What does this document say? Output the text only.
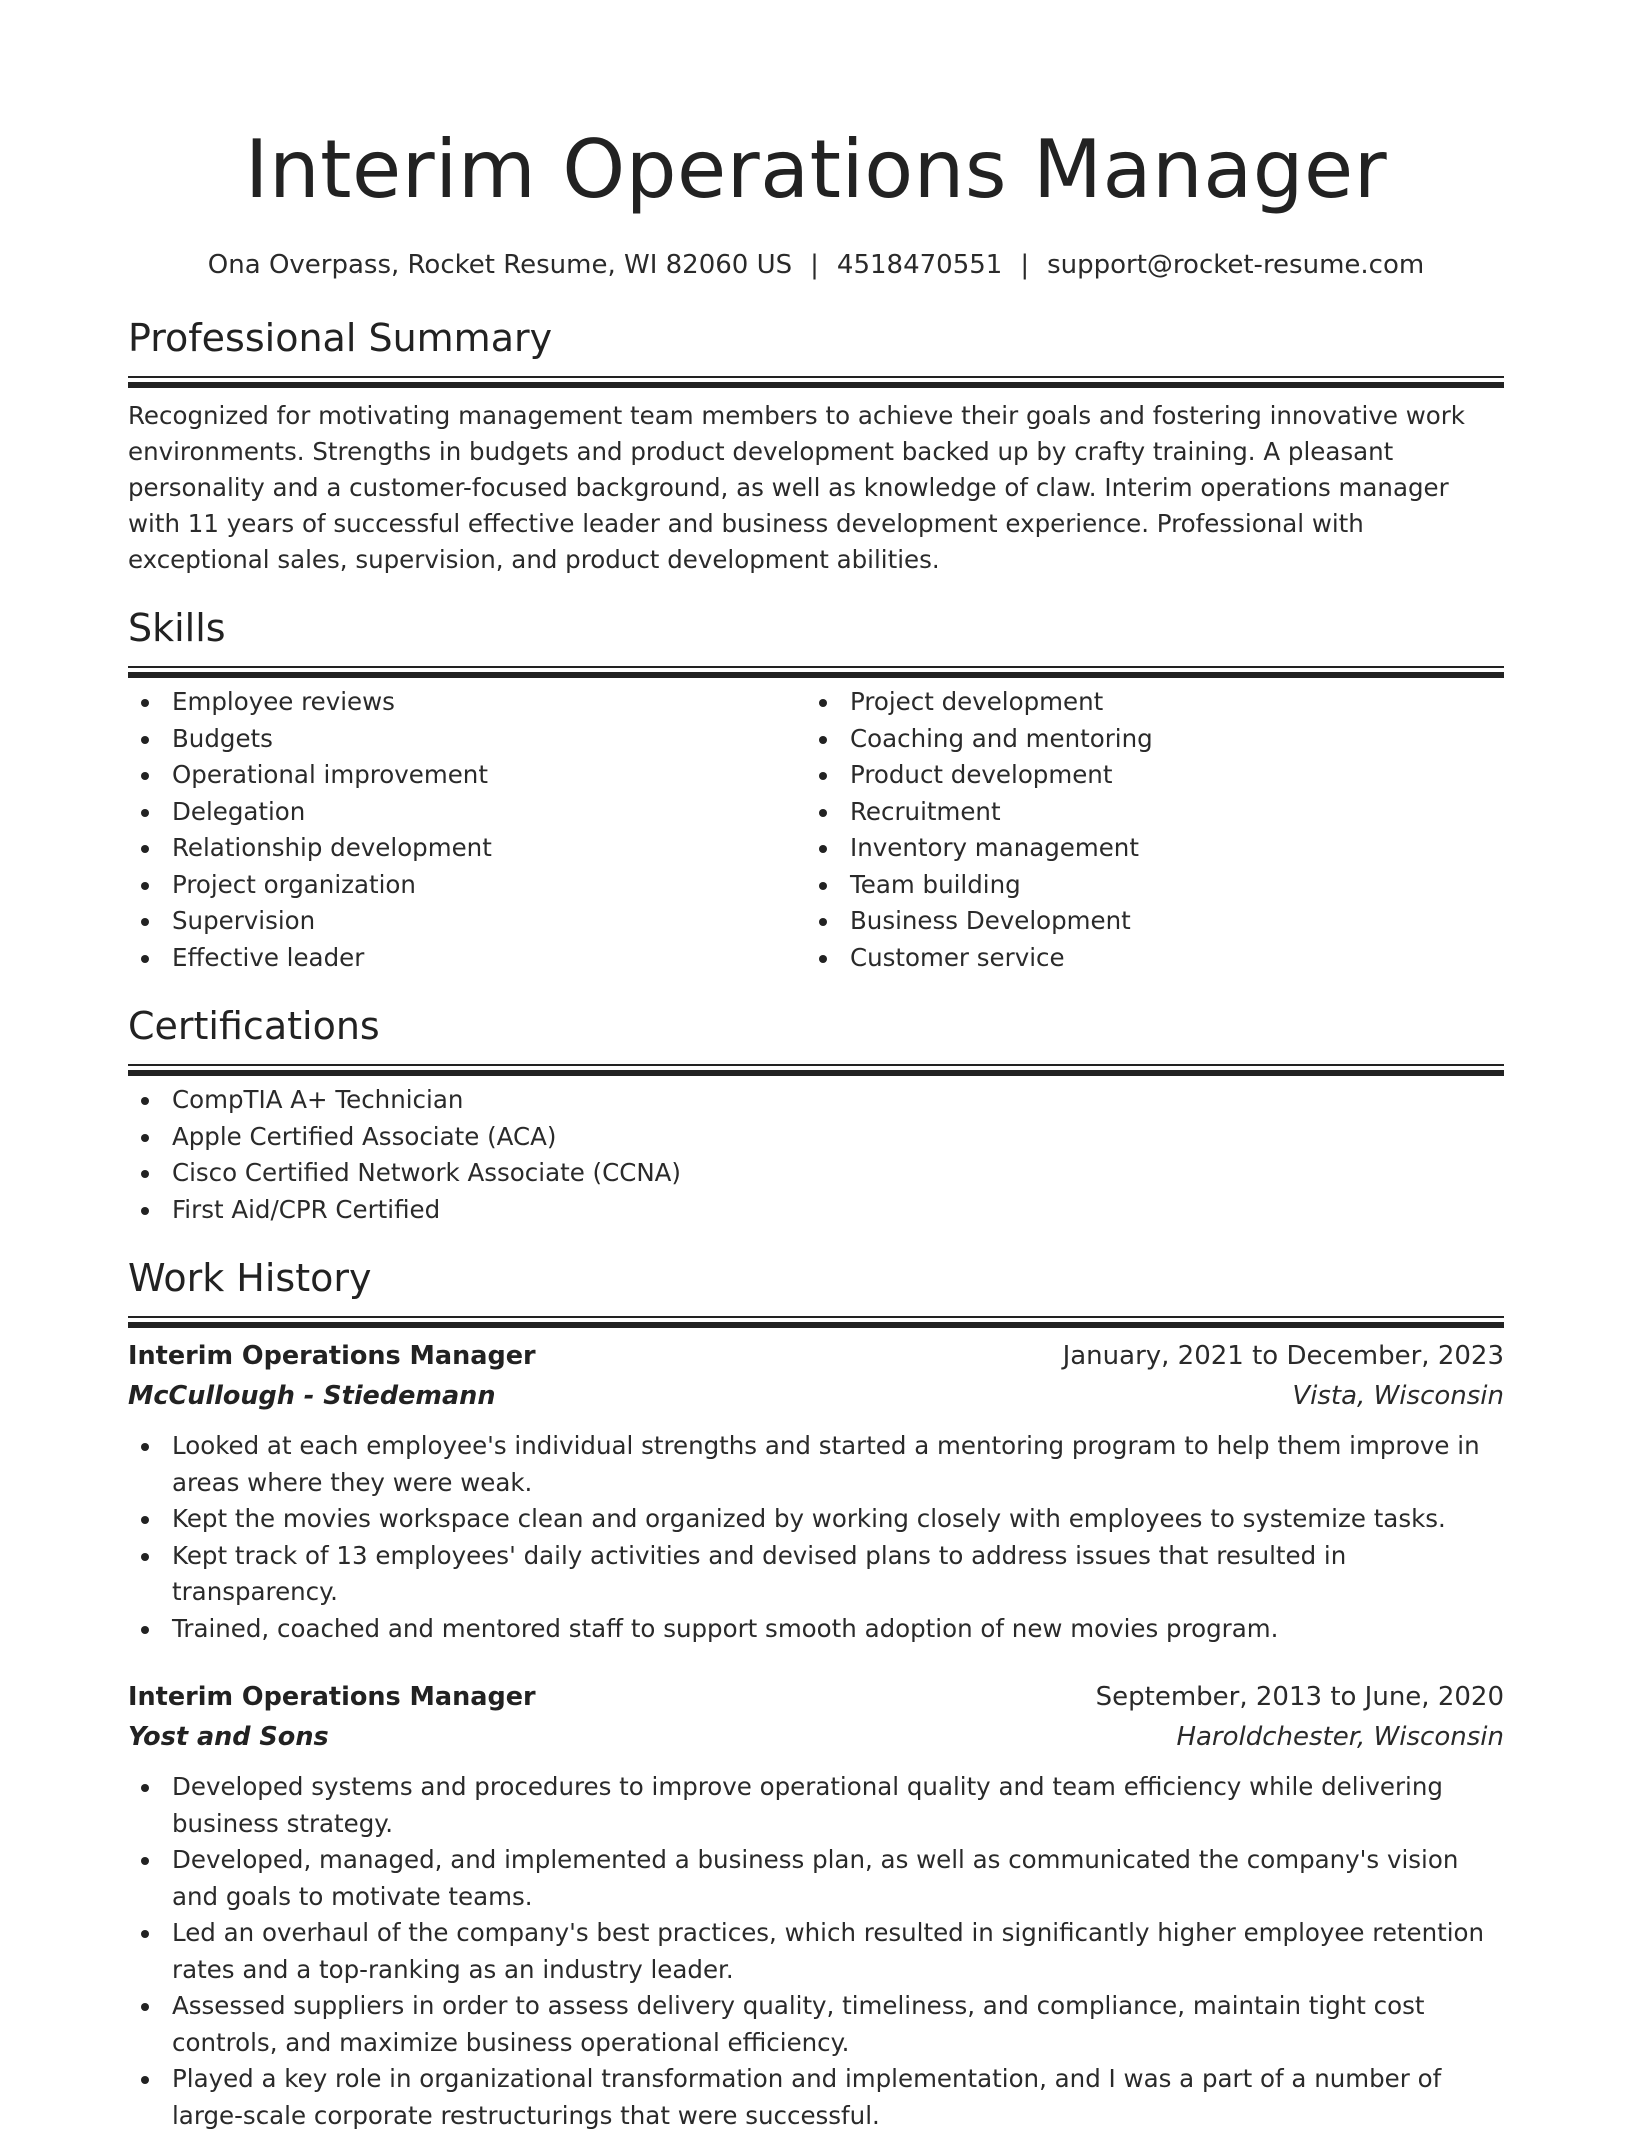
Interim Operations Manager
Ona Overpass, Rocket Resume, WI 82060 US | 4518470551 | support@rocket-resume.com
Professional Summary

Recognized for motivating management team members to achieve their goals and fostering innovative work environments. Strengths in budgets and product development backed up by crafty training. A pleasant personality and a customer-focused background, as well as knowledge of claw. Interim operations manager with 11 years of successful effective leader and business development experience. Professional with exceptional sales, supervision, and product development abilities.

Skills
Employee reviews
Budgets
Operational improvement
Delegation
Relationship development
Project organization
Supervision
Effective leader
Project development
Coaching and mentoring
Product development
Recruitment
Inventory management
Team building
Business Development
Customer service
Certifications
CompTIA A+ Technician
Apple Certified Associate (ACA)
Cisco Certified Network Associate (CCNA)
First Aid/CPR Certified
Work History
Interim Operations Manager	January, 2021 to December, 2023
McCullough - Stiedemann	Vista, Wisconsin
Looked at each employee's individual strengths and started a mentoring program to help them improve in areas where they were weak.
Kept the movies workspace clean and organized by working closely with employees to systemize tasks.
Kept track of 13 employees' daily activities and devised plans to address issues that resulted in transparency.
Trained, coached and mentored staff to support smooth adoption of new movies program.
Interim Operations Manager	September, 2013 to June, 2020
Yost and Sons	Haroldchester, Wisconsin
Developed systems and procedures to improve operational quality and team efficiency while delivering business strategy.
Developed, managed, and implemented a business plan, as well as communicated the company's vision and goals to motivate teams.
Led an overhaul of the company's best practices, which resulted in significantly higher employee retention rates and a top-ranking as an industry leader.
Assessed suppliers in order to assess delivery quality, timeliness, and compliance, maintain tight cost controls, and maximize business operational efficiency.
Played a key role in organizational transformation and implementation, and I was a part of a number of large-scale corporate restructurings that were successful.
